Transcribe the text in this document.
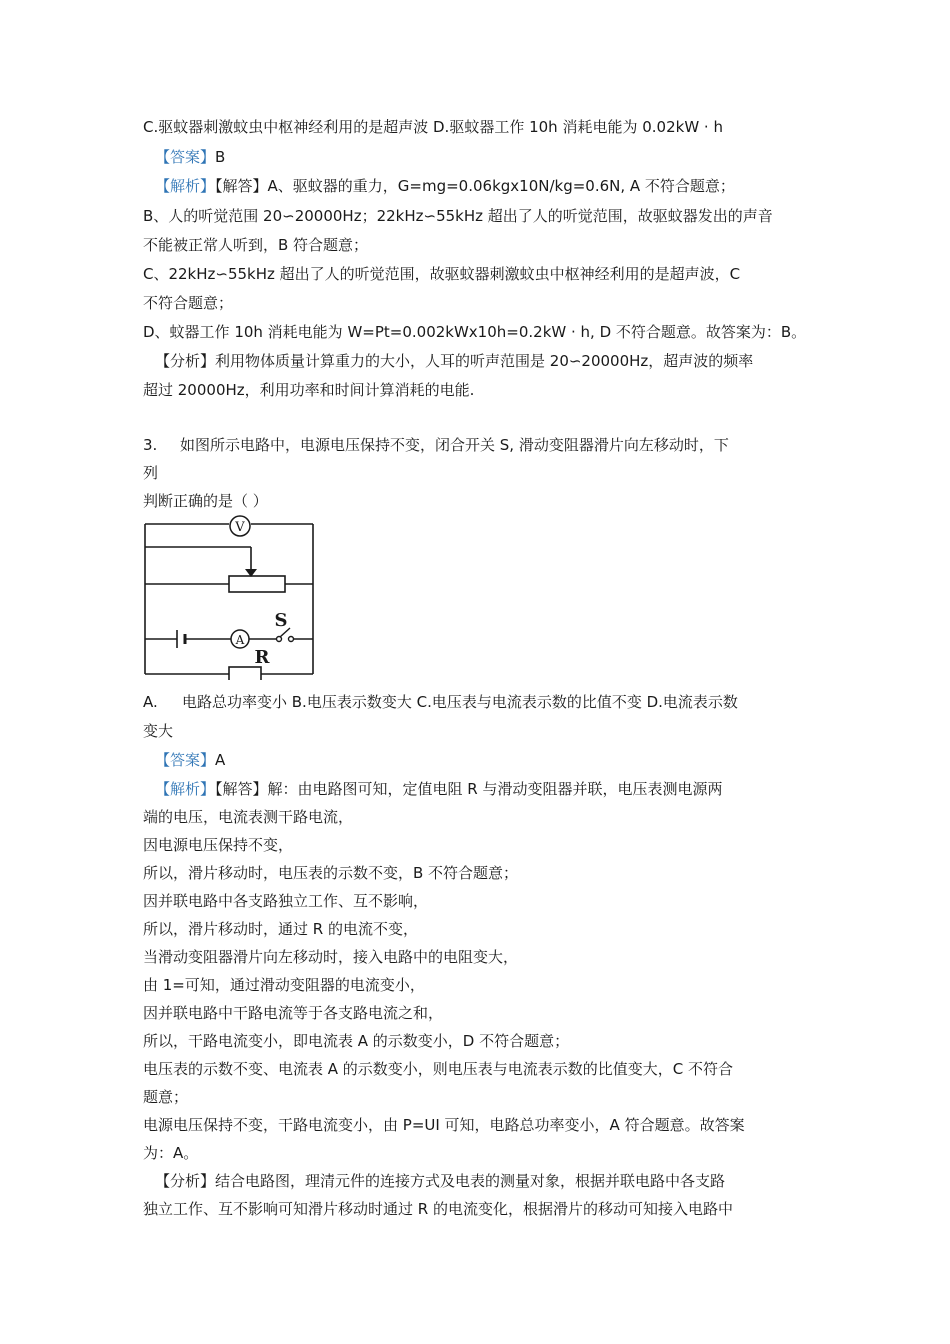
C.驱蚊器刺激蚊虫中枢神经利用的是超声波 D.驱蚊器工作 10h 消耗电能为 0.02kW · h
【答案】B
【解析】【解答】A、驱蚊器的重力，G=mg=0.06kgx10N/kg=0.6N, A 不符合题意；
B、人的听觉范围 20∽20000Hz；22kHz∽55kHz 超出了人的听觉范围，故驱蚊器发出的声音
不能被正常人听到，B 符合题意；
C、22kHz∽55kHz 超出了人的听觉范围，故驱蚊器刺激蚊虫中枢神经利用的是超声波，C
不符合题意；
D、蚊器工作 10h 消耗电能为 W=Pt=0.002kWx10h=0.2kW · h, D 不符合题意。故答案为：B。
【分析】利用物体质量计算重力的大小，人耳的听声范围是 20∽20000Hz，超声波的频率
超过 20000Hz，利用功率和时间计算消耗的电能.
3. 如图所示电路中，电源电压保持不变，闭合开关 S, 滑动变阻器滑片向左移动时，下
列
判断正确的是（ ）
V
A
S
R
A. 电路总功率变小 B.电压表示数变大 C.电压表与电流表示数的比值不变 D.电流表示数
变大
【答案】A
【解析】【解答】解：由电路图可知，定值电阻 R 与滑动变阻器并联，电压表测电源两
端的电压，电流表测干路电流，
因电源电压保持不变，
所以，滑片移动时，电压表的示数不变，B 不符合题意；
因并联电路中各支路独立工作、互不影响，
所以，滑片移动时，通过 R 的电流不变，
当滑动变阻器滑片向左移动时，接入电路中的电阻变大，
由 1=可知，通过滑动变阻器的电流变小，
因并联电路中干路电流等于各支路电流之和，
所以，干路电流变小，即电流表 A 的示数变小，D 不符合题意；
电压表的示数不变、电流表 A 的示数变小，则电压表与电流表示数的比值变大，C 不符合
题意；
电源电压保持不变，干路电流变小，由 P=UI 可知，电路总功率变小，A 符合题意。故答案
为：A。
【分析】结合电路图，理清元件的连接方式及电表的测量对象，根据并联电路中各支路
独立工作、互不影响可知滑片移动时通过 R 的电流变化，根据滑片的移动可知接入电路中
